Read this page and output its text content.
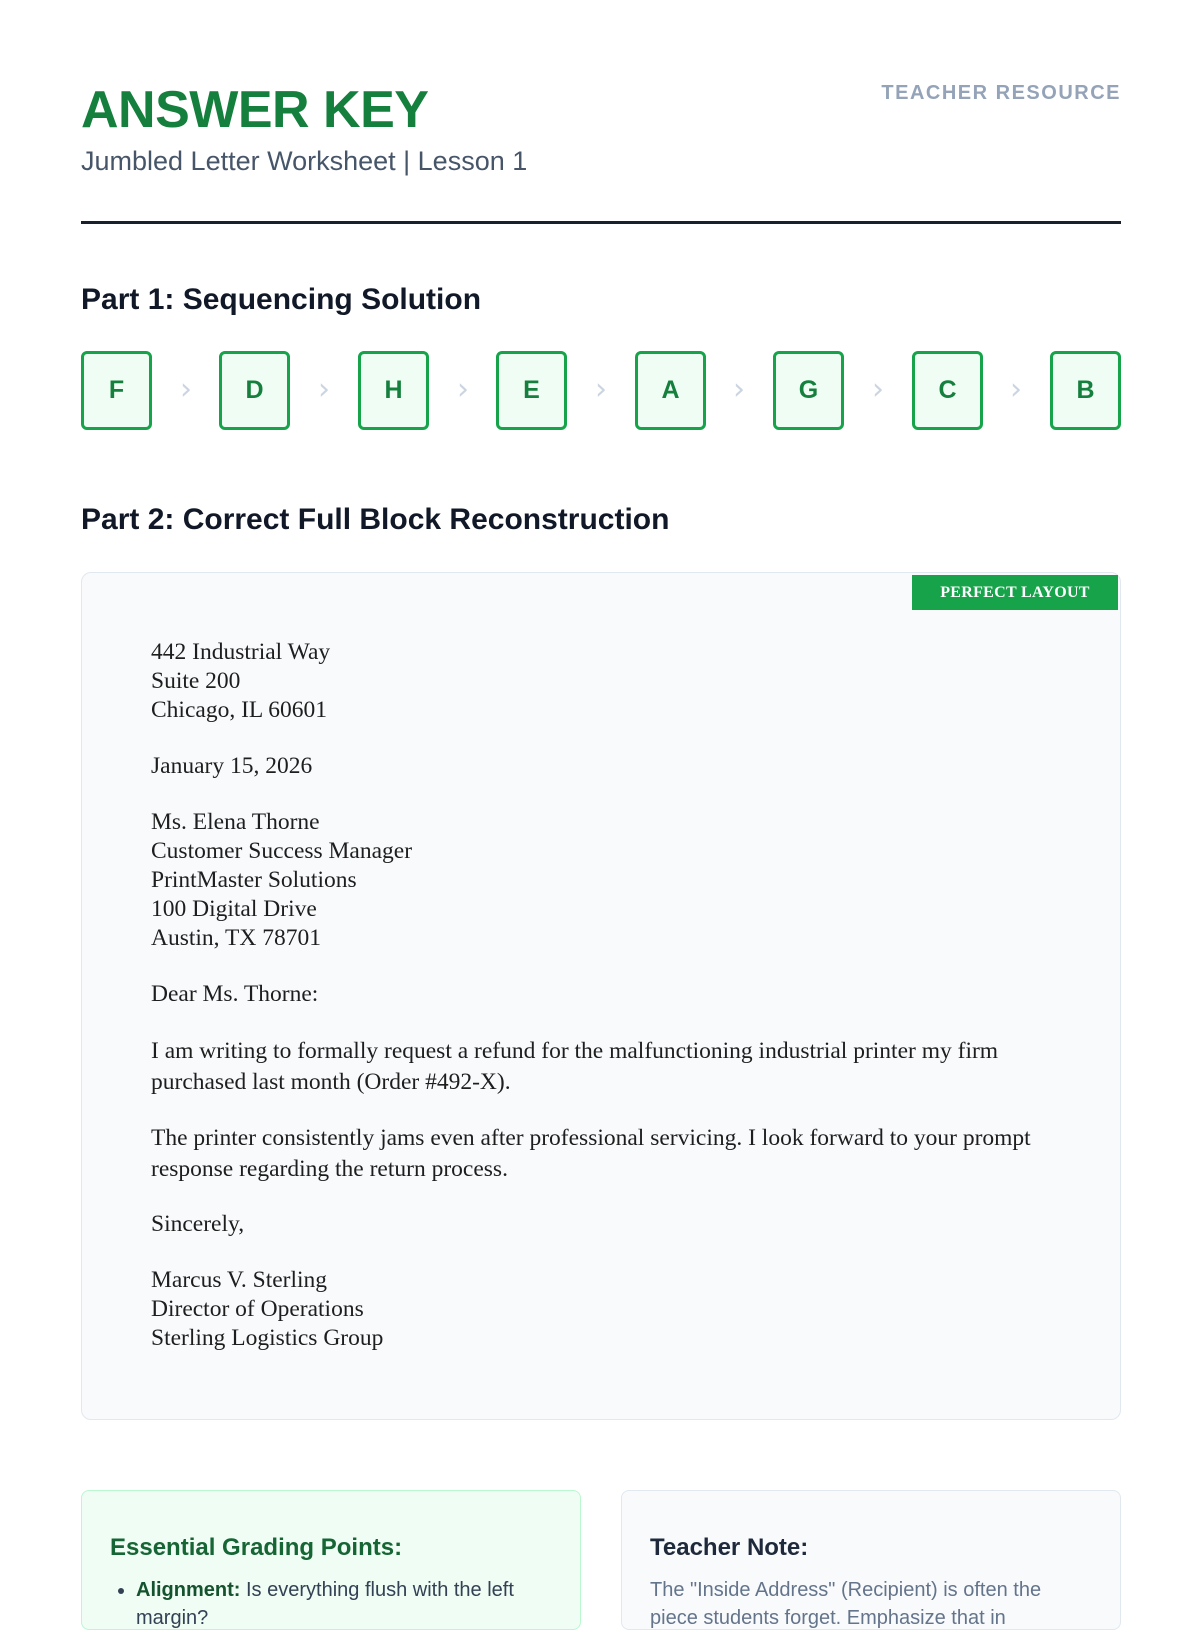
ANSWER KEY
Jumbled Letter Worksheet | Lesson 1
TEACHER RESOURCE
Part 1: Sequencing Solution
F	›	D	›	H	›	E	›	A	›	G	›	C	›	B
Part 2: Correct Full Block Reconstruction
PERFECT LAYOUT
442 Industrial Way
Suite 200
Chicago, IL 60601
January 15, 2026
Ms. Elena Thorne
Customer Success Manager
PrintMaster Solutions
100 Digital Drive
Austin, TX 78701
Dear Ms. Thorne:

I am writing to formally request a refund for the malfunctioning industrial printer my firm purchased last month (Order #492-X).

The printer consistently jams even after professional servicing. I look forward to your prompt response regarding the return process.

Sincerely,
Marcus V. Sterling
Director of Operations
Sterling Logistics Group
Essential Grading Points:
• Alignment: Is everything flush with the left margin?
Teacher Note:
The "Inside Address" (Recipient) is often the piece students forget. Emphasize that in
